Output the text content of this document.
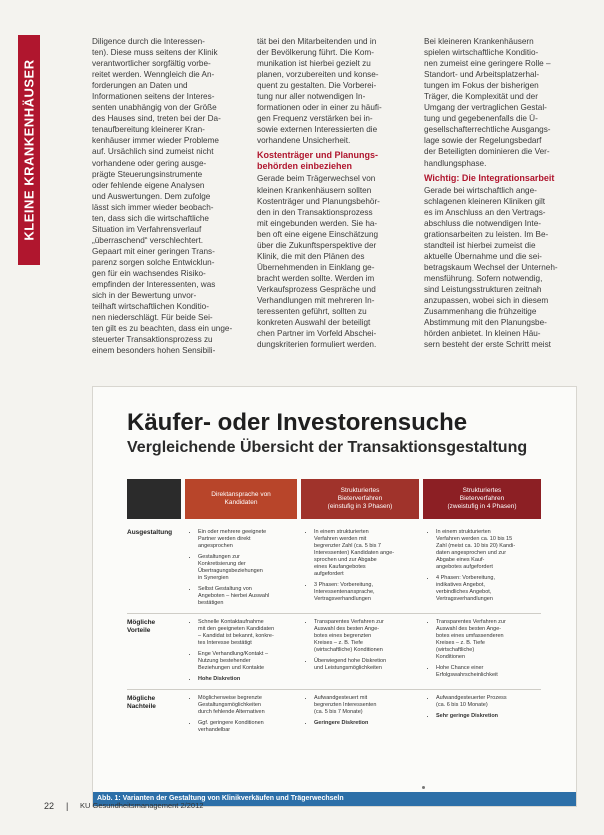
KLEINE KRANKENHÄUSER

Diligence durch die Interessen-
ten). Diese muss seitens der Klinik
verantwortlicher sorgfältig vorbe-
reitet werden. Wenngleich die An-
forderungen an Daten und
Informationen seitens der Interes-
senten unabhängig von der Größe
des Hauses sind, treten bei der Da-
tenaufbereitung kleinerer Kran-
kenhäuser immer wieder Probleme
auf. Ursächlich sind zumeist nicht
vorhandene oder gering ausge-
prägte Steuerungsinstrumente
oder fehlende eigene Analysen
und Auswertungen. Dem zufolge
lässt sich immer wieder beobach-
ten, dass sich die wirtschaftliche
Situation im Verfahrensverlauf
„überraschend“ verschlechtert.
Gepaart mit einer geringen Trans-
parenz sorgen solche Entwicklun-
gen für ein wachsendes Risiko-
empfinden der Interessenten, was
sich in der Bewertung unvor-
teilhaft wirtschaftlichen Konditio-
nen niederschlägt. Für beide Sei-
ten gilt es zu beachten, dass ein unge-
steuerter Transaktionsprozess zu
einem besonders hohen Sensibili-

tät bei den Mitarbeitenden und in
der Bevölkerung führt. Die Kom-
munikation ist hierbei gezielt zu
planen, vorzubereiten und konse-
quent zu gestalten. Die Vorberei-
tung nur aller notwendigen In-
formationen oder in einer zu häufi-
gen Frequenz verstärken bei in-
sowie externen Interessierten die
vorhandene Unsicherheit.

Kostenträger und Planungs-
behörden einbeziehen

Gerade beim Trägerwechsel von
kleinen Krankenhäusern sollten
Kostenträger und Planungsbehör-
den in den Transaktionsprozess
mit eingebunden werden. Sie ha-
ben oft eine eigene Einschätzung
über die Zukunftsperspektive der
Klinik, die mit den Plänen des
Übernehmenden in Einklang ge-
bracht werden sollte. Werden im
Verkaufsprozess Gespräche und
Verhandlungen mit mehreren In-
teressenten geführt, sollten zu
konkreten Auswahl der beteiligt
chen Partner im Vorfeld Abschei-
dungskriterien formuliert werden.

Bei kleineren Krankenhäusern
spielen wirtschaftliche Konditio-
nen zumeist eine geringere Rolle –
Standort- und Arbeitsplatzerhal-
tungen im Fokus der bisherigen
Träger, die Komplexität und der
Umgang der vertraglichen Gestal-
tung und gegebenenfalls die Ü-
gesellschafterrechtliche Ausgangs-
lage sowie der Regelungsbedarf
der Beteiligten dominieren die Ver-
handlungsphase.

Wichtig: Die Integrationsarbeit

Gerade bei wirtschaftlich ange-
schlagenen kleineren Kliniken gilt
es im Anschluss an den Vertrags-
abschluss die notwendigen Inte-
grationsarbeiten zu leisten. Im Be-
standteil ist hierbei zumeist die
aktuelle Übernahme und die sei-
betragskaum Wechsel der Unterneh-
mensführung. Sofern notwendig,
sind Leistungsstrukturen zeitnah
anzupassen, wobei sich in diesem
Zusammenhang die frühzeitige
Abstimmung mit den Planungsbe-
hörden anbietet. In kleinen Häu-
sern besteht der erste Schritt meist

Käufer- oder Investorensuche
Vergleichende Übersicht der Transaktionsgestaltung
Direktansprache von
Kandidaten
Strukturiertes
Bieterverfahren
(einstufig in 3 Phasen)
Strukturiertes
Bieterverfahren
(zweistufig in 4 Phasen)
Ausgestaltung
•	Ein oder mehrere geeignete
Partner werden direkt
angesprochen
• Gestaltungen zur
Konkretisierung der
Übertragungsbeziehungen
in Synergien
• Selbst Gestaltung von
Angeboten – hierbei Auswahl
bestätigen
• In einem strukturierten
Verfahren werden mit
begrenzter Zahl (ca. 5 bis 7
Interessenten) Kandidaten ange-
sprochen und zur Abgabe
eines Kaufangebotes
aufgefordert
• 3 Phasen: Vorbereitung,
Interessentenansprache,
Vertragsverhandlungen
• In einem strukturierten
Verfahren werden ca. 10 bis 15
Zahl (meist ca. 10 bis 20) Kandi-
daten angesprochen und zur
Abgabe eines Kauf-
angebotes aufgefordert
• 4 Phasen: Vorbereitung,
indikatives Angebot,
verbindliches Angebot,
Vertragsverhandlungen
Mögliche
Vorteile
• Schnelle Kontaktaufnahme
mit den geeigneten Kandidaten
– Kandidat ist bekannt, konkre-
tes Interesse bestätigt
• Enge Verhandlung/Kontakt –
Nutzung bestehender
Beziehungen und Kontakte
• Hohe Diskretion
• Transparentes Verfahren zur
Auswahl des besten Ange-
botes eines begrenzten
Kreises – z. B. Tiefe
(wirtschaftliche) Konditionen
• Überwiegend hohe Diskretion
und Leistungsmöglichkeiten
• Transparentes Verfahren zur
Auswahl des besten Ange-
botes eines umfassenderen
Kreises – z. B. Tiefe
(wirtschaftliche)
Konditionen
• Hohe Chance einer
Erfolgswahrscheinlichkeit
Mögliche
Nachteile
• Möglicherweise begrenzte
Gestaltungsmöglichkeiten
durch fehlende Alternativen
• Ggf. geringere Konditionen
verhandelbar
• Aufwandgesteuert mit
begrenzten Interessenten
(ca. 5 bis 7 Monate)
• Geringere Diskretion
• Aufwandgesteuerter Prozess
(ca. 6 bis 10 Monate)
• Sehr geringe Diskretion
Abb. 1: Varianten der Gestaltung von Klinikverkäufen und Trägerwechseln
22 | KU Gesundheitsmanagement 2/2012
